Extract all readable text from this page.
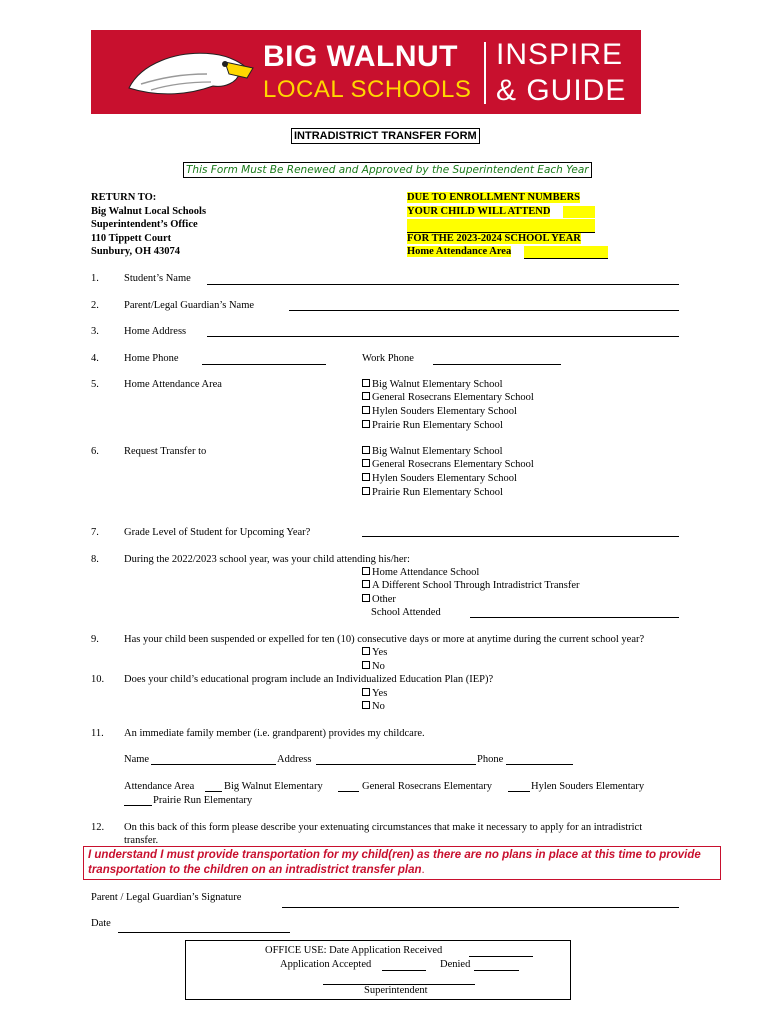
BIG WALNUT
LOCAL SCHOOLS
INSPIRE
& GUIDE
INTRADISTRICT TRANSFER FORM
This Form Must Be Renewed and Approved by the Superintendent Each Year
RETURN TO:
Big Walnut Local Schools
Superintendent’s Office
110 Tippett Court
Sunbury, OH 43074
DUE TO ENROLLMENT NUMBERS
YOUR CHILD WILL ATTEND
FOR THE 2023-2024 SCHOOL YEAR
Home Attendance Area
1. Student’s Name
2. Parent/Legal Guardian’s Name
3. Home Address
4. Home Phone	Work Phone
5. Home Attendance Area	Big Walnut Elementary School
General Rosecrans Elementary School
Hylen Souders Elementary School
Prairie Run Elementary School
6. Request Transfer to	Big Walnut Elementary School
General Rosecrans Elementary School
Hylen Souders Elementary School
Prairie Run Elementary School
7. Grade Level of Student for Upcoming Year?
8. During the 2022/2023 school year, was your child attending his/her:
Home Attendance School
A Different School Through Intradistrict Transfer
Other
School Attended
9. Has your child been suspended or expelled for ten (10) consecutive days or more at anytime during the current school year?
Yes
No
10. Does your child’s educational program include an Individualized Education Plan (IEP)?
Yes
No
11. An immediate family member (i.e. grandparent) provides my childcare.
Name	Address	Phone
Attendance Area	Big Walnut Elementary	General Rosecrans Elementary	Hylen Souders Elementary
Prairie Run Elementary
12. On this back of this form please describe your extenuating circumstances that make it necessary to apply for an intradistrict
transfer.
I understand I must provide transportation for my child(ren) as there are no plans in place at this time to provide transportation to the children on an intradistrict transfer plan.
Parent / Legal Guardian’s Signature
Date
OFFICE USE: Date Application Received
Application Accepted	Denied
Superintendent
